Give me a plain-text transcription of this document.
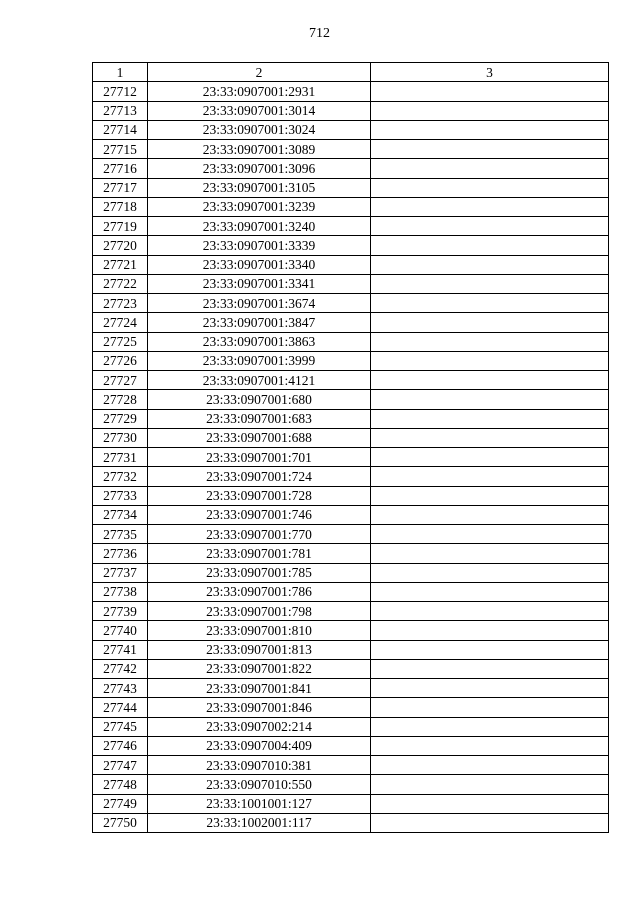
712
1	2	3
27712	23:33:0907001:2931	
27713	23:33:0907001:3014	
27714	23:33:0907001:3024	
27715	23:33:0907001:3089	
27716	23:33:0907001:3096	
27717	23:33:0907001:3105	
27718	23:33:0907001:3239	
27719	23:33:0907001:3240	
27720	23:33:0907001:3339	
27721	23:33:0907001:3340	
27722	23:33:0907001:3341	
27723	23:33:0907001:3674	
27724	23:33:0907001:3847	
27725	23:33:0907001:3863	
27726	23:33:0907001:3999	
27727	23:33:0907001:4121	
27728	23:33:0907001:680	
27729	23:33:0907001:683	
27730	23:33:0907001:688	
27731	23:33:0907001:701	
27732	23:33:0907001:724	
27733	23:33:0907001:728	
27734	23:33:0907001:746	
27735	23:33:0907001:770	
27736	23:33:0907001:781	
27737	23:33:0907001:785	
27738	23:33:0907001:786	
27739	23:33:0907001:798	
27740	23:33:0907001:810	
27741	23:33:0907001:813	
27742	23:33:0907001:822	
27743	23:33:0907001:841	
27744	23:33:0907001:846	
27745	23:33:0907002:214	
27746	23:33:0907004:409	
27747	23:33:0907010:381	
27748	23:33:0907010:550	
27749	23:33:1001001:127	
27750	23:33:1002001:117	
